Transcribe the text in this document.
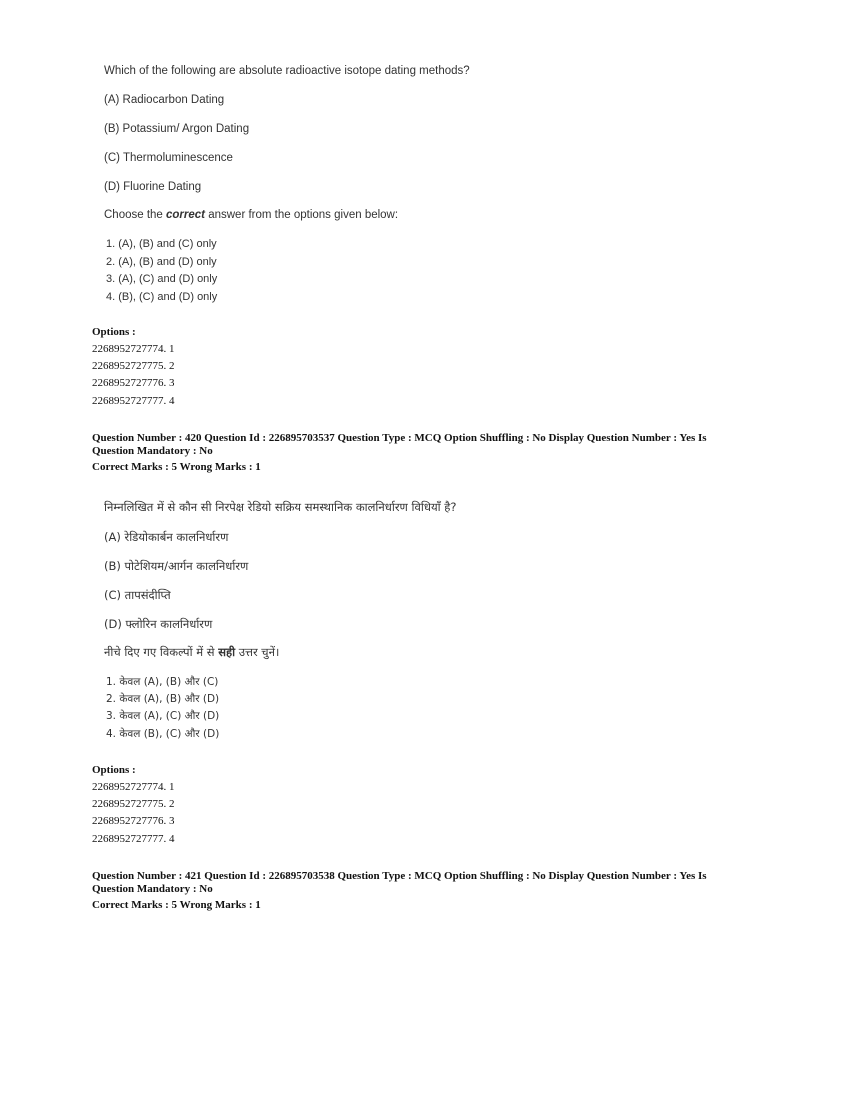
Which of the following are absolute radioactive isotope dating methods?
(A) Radiocarbon Dating
(B) Potassium/ Argon Dating
(C) Thermoluminescence
(D) Fluorine Dating
Choose the correct answer from the options given below:
1. (A), (B) and (C) only
2. (A), (B) and (D) only
3. (A), (C) and (D) only
4. (B), (C) and (D) only
Options :
2268952727774. 1
2268952727775. 2
2268952727776. 3
2268952727777. 4
Question Number : 420 Question Id : 226895703537 Question Type : MCQ Option Shuffling : No Display Question Number : Yes Is
Question Mandatory : No
Correct Marks : 5 Wrong Marks : 1
निम्नलिखित में से कौन सी निरपेक्ष रेडियो सक्रिय समस्थानिक कालनिर्धारण विधियाँ है?
(A) रेडियोकार्बन कालनिर्धारण
(B) पोटेशियम/आर्गन कालनिर्धारण
(C) तापसंदीप्ति
(D) फ्लोरिन कालनिर्धारण
नीचे दिए गए विकल्पों में से सही उत्तर चुनें।
1. केवल (A), (B) और (C)
2. केवल (A), (B) और (D)
3. केवल (A), (C) और (D)
4. केवल (B), (C) और (D)
Options :
2268952727774. 1
2268952727775. 2
2268952727776. 3
2268952727777. 4
Question Number : 421 Question Id : 226895703538 Question Type : MCQ Option Shuffling : No Display Question Number : Yes Is
Question Mandatory : No
Correct Marks : 5 Wrong Marks : 1
